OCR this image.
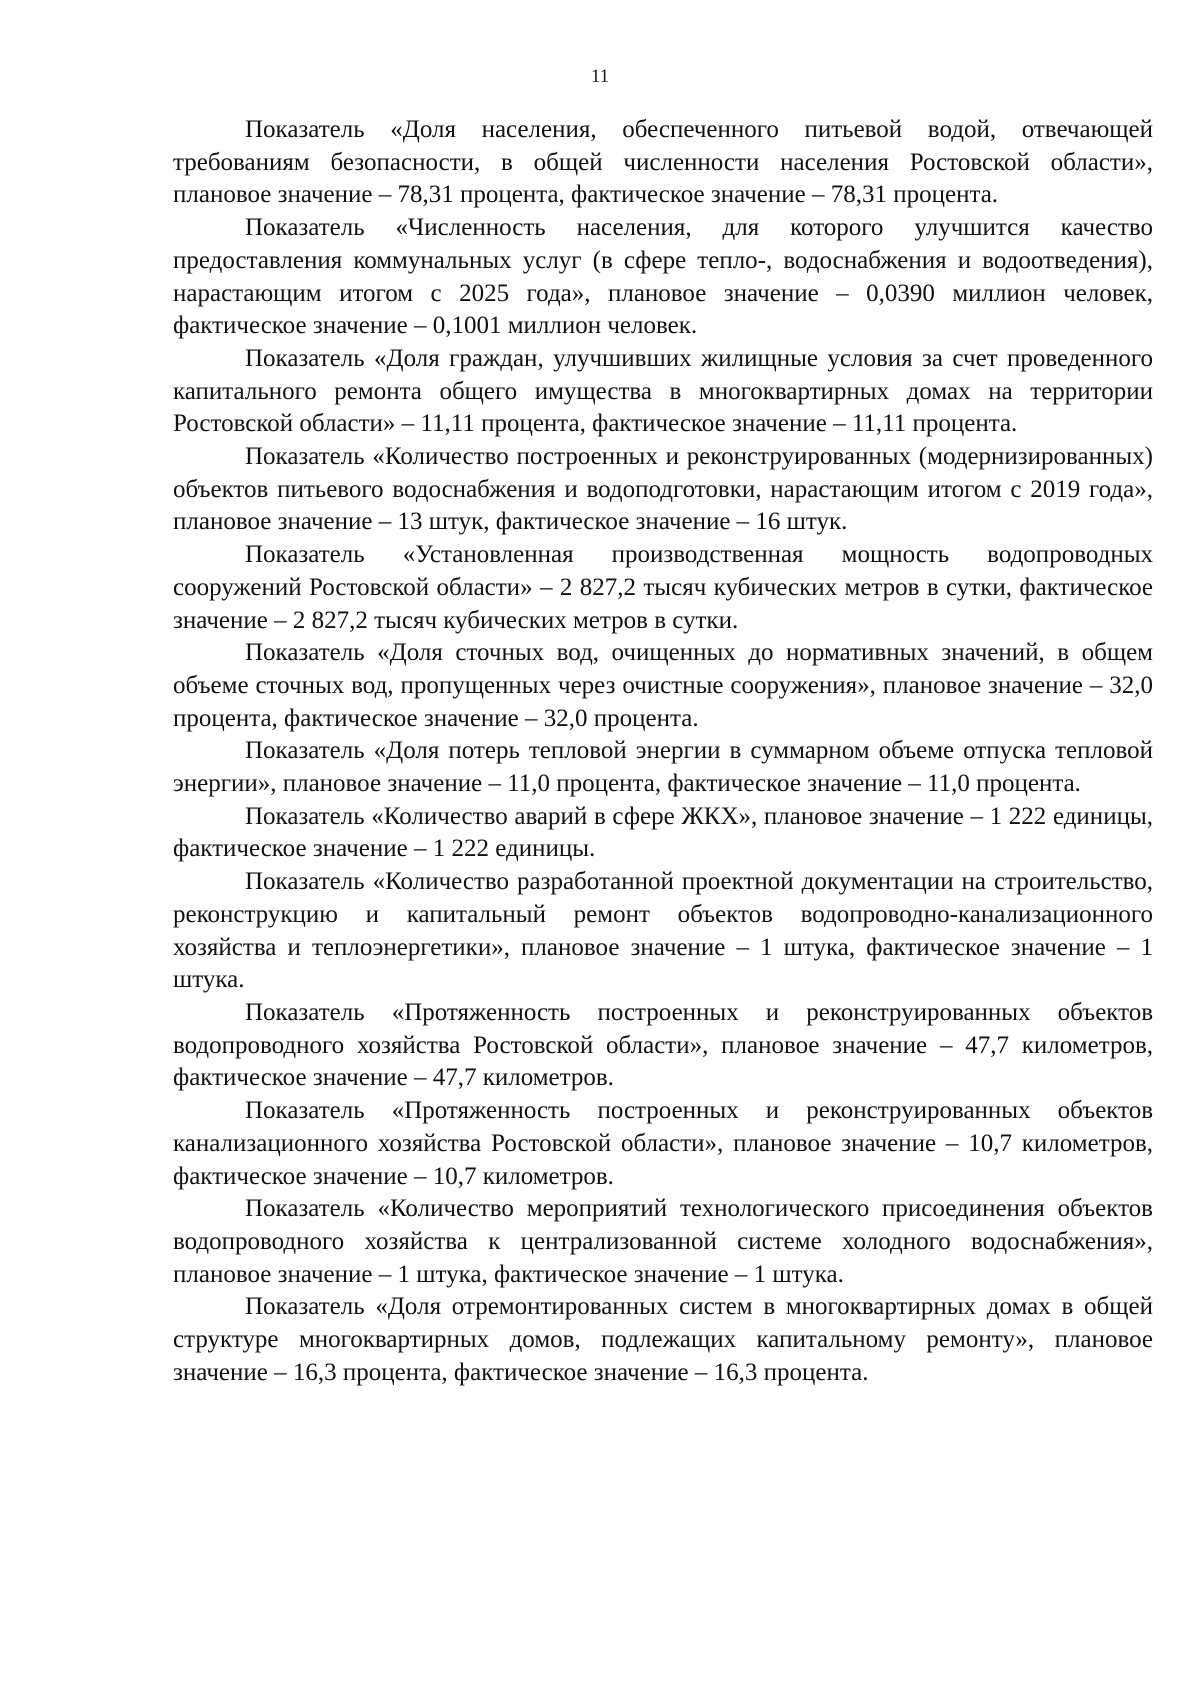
11

Показатель «Доля населения, обеспеченного питьевой водой, отвечающей требованиям безопасности, в общей численности населения Ростовской области», плановое значение – 78,31 процента, фактическое значение – 78,31 процента.

Показатель «Численность населения, для которого улучшится качество предоставления коммунальных услуг (в сфере тепло-, водоснабжения и водоотведения), нарастающим итогом с 2025 года», плановое значение – 0,0390 миллион человек, фактическое значение – 0,1001 миллион человек.

Показатель «Доля граждан, улучшивших жилищные условия за счет проведенного капитального ремонта общего имущества в многоквартирных домах на территории Ростовской области» – 11,11 процента, фактическое значение – 11,11 процента.

Показатель «Количество построенных и реконструированных (модернизированных) объектов питьевого водоснабжения и водоподготовки, нарастающим итогом с 2019 года», плановое значение – 13 штук, фактическое значение – 16 штук.

Показатель «Установленная производственная мощность водопроводных сооружений Ростовской области» – 2 827,2 тысяч кубических метров в сутки, фактическое значение – 2 827,2 тысяч кубических метров в сутки.

Показатель «Доля сточных вод, очищенных до нормативных значений, в общем объеме сточных вод, пропущенных через очистные сооружения», плановое значение – 32,0 процента, фактическое значение – 32,0 процента.

Показатель «Доля потерь тепловой энергии в суммарном объеме отпуска тепловой энергии», плановое значение – 11,0 процента, фактическое значение – 11,0 процента.

Показатель «Количество аварий в сфере ЖКХ», плановое значение – 1 222 единицы, фактическое значение – 1 222 единицы.

Показатель «Количество разработанной проектной документации на строительство, реконструкцию и капитальный ремонт объектов водопроводно-канализационного хозяйства и теплоэнергетики», плановое значение – 1 штука, фактическое значение – 1 штука.

Показатель «Протяженность построенных и реконструированных объектов водопроводного хозяйства Ростовской области», плановое значение – 47,7 километров, фактическое значение – 47,7 километров.

Показатель «Протяженность построенных и реконструированных объектов канализационного хозяйства Ростовской области», плановое значение – 10,7 километров, фактическое значение – 10,7 километров.

Показатель «Количество мероприятий технологического присоединения объектов водопроводного хозяйства к централизованной системе холодного водоснабжения», плановое значение – 1 штука, фактическое значение – 1 штука.

Показатель «Доля отремонтированных систем в многоквартирных домах в общей структуре многоквартирных домов, подлежащих капитальному ремонту», плановое значение – 16,3 процента, фактическое значение – 16,3 процента.
